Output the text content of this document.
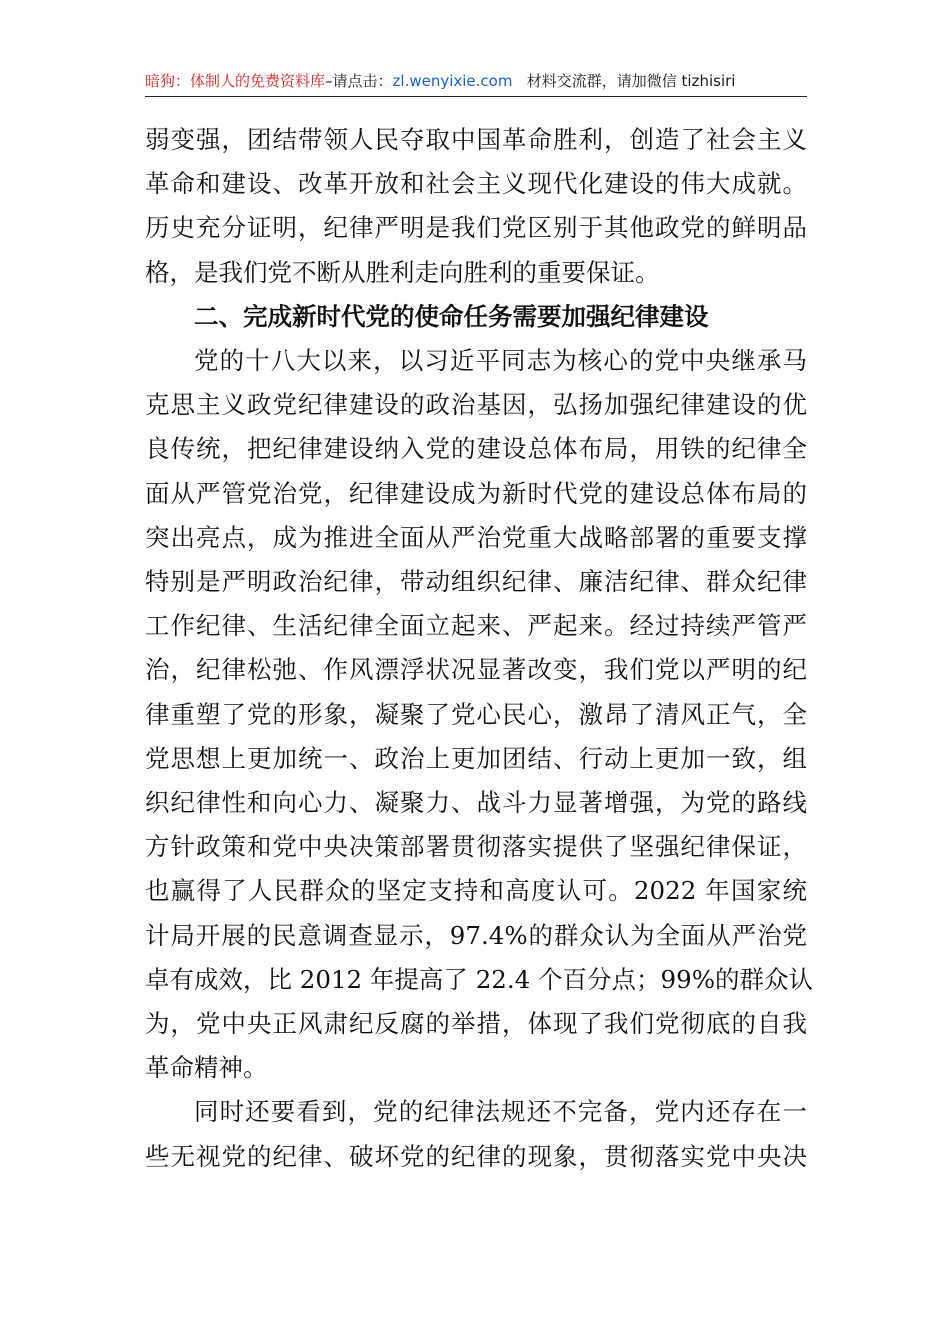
暗狗：体制人的免费资料库–请点击：zl.wenyixie.com 材料交流群，请加微信 tizhisiri
弱变强，团结带领人民夺取中国革命胜利，创造了社会主义
革命和建设、改革开放和社会主义现代化建设的伟大成就。
历史充分证明，纪律严明是我们党区别于其他政党的鲜明品
格，是我们党不断从胜利走向胜利的重要保证。
二、完成新时代党的使命任务需要加强纪律建设
党的十八大以来，以习近平同志为核心的党中央继承马
克思主义政党纪律建设的政治基因，弘扬加强纪律建设的优
良传统，把纪律建设纳入党的建设总体布局，用铁的纪律全
面从严管党治党，纪律建设成为新时代党的建设总体布局的
突出亮点，成为推进全面从严治党重大战略部署的重要支撑
特别是严明政治纪律，带动组织纪律、廉洁纪律、群众纪律
工作纪律、生活纪律全面立起来、严起来。经过持续严管严
治，纪律松弛、作风漂浮状况显著改变，我们党以严明的纪
律重塑了党的形象，凝聚了党心民心，激昂了清风正气，全
党思想上更加统一、政治上更加团结、行动上更加一致，组
织纪律性和向心力、凝聚力、战斗力显著增强，为党的路线
方针政策和党中央决策部署贯彻落实提供了坚强纪律保证，
也赢得了人民群众的坚定支持和高度认可。2022 年国家统
计局开展的民意调查显示，97.4%的群众认为全面从严治党
卓有成效，比 2012 年提高了 22.4 个百分点；99%的群众认
为，党中央正风肃纪反腐的举措，体现了我们党彻底的自我
革命精神。
同时还要看到，党的纪律法规还不完备，党内还存在一
些无视党的纪律、破坏党的纪律的现象，贯彻落实党中央决
